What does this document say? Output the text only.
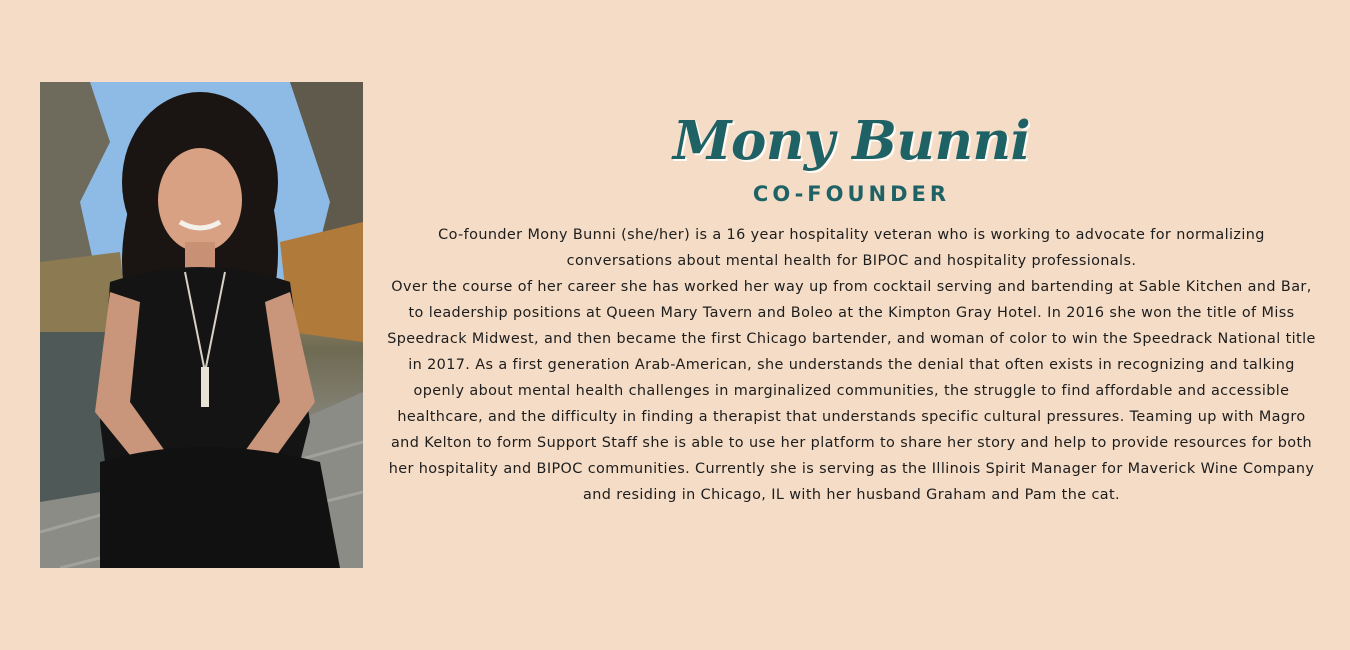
Mony Bunni
CO-FOUNDER

Co-founder Mony Bunni (she/her) is a 16 year hospitality veteran who is working to advocate for normalizing conversations about mental health for BIPOC and hospitality professionals.

Over the course of her career she has worked her way up from cocktail serving and bartending at Sable Kitchen and Bar, to leadership positions at Queen Mary Tavern and Boleo at the Kimpton Gray Hotel. In 2016 she won the title of Miss Speedrack Midwest, and then became the first Chicago bartender, and woman of color to win the Speedrack National title in 2017. As a first generation Arab-American, she understands the denial that often exists in recognizing and talking openly about mental health challenges in marginalized communities, the struggle to find affordable and accessible healthcare, and the difficulty in finding a therapist that understands specific cultural pressures. Teaming up with Magro and Kelton to form Support Staff she is able to use her platform to share her story and help to provide resources for both her hospitality and BIPOC communities. Currently she is serving as the Illinois Spirit Manager for Maverick Wine Company and residing in Chicago, IL with her husband Graham and Pam the cat.
